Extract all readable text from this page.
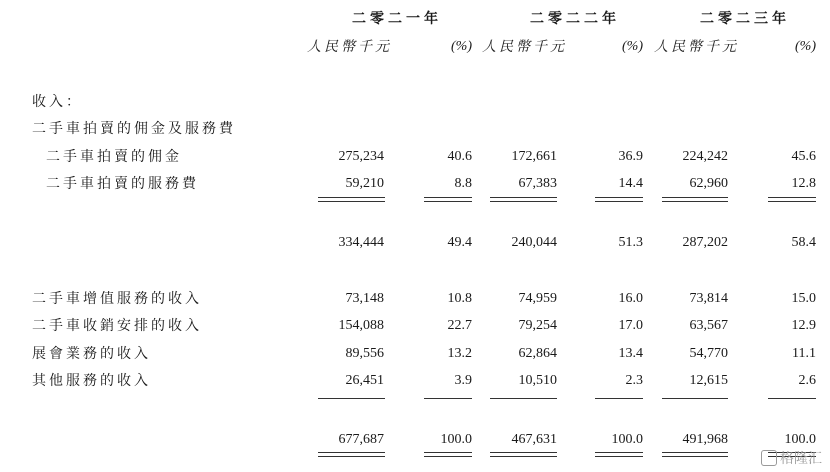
二零二一年	二零二二年	二零二三年
人民幣千元	(%) 人民幣千元	(%) 人民幣千元	(%)
收入：
二手車拍賣的佣金及服務費
二手車拍賣的佣金	275,234	40.6	172,661	36.9	224,242	45.6
二手車拍賣的服務費	59,210	8.8	67,383	14.4	62,960	12.8
334,444	49.4	240,044	51.3	287,202	58.4
二手車增值服務的收入	73,148	10.8	74,959	16.0	73,814	15.0
二手車收銷安排的收入	154,088	22.7	79,254	17.0	63,567	12.9
展會業務的收入	89,556	13.2	62,864	13.4	54,770	11.1
其他服務的收入	26,451	3.9	10,510	2.3	12,615	2.6
677,687	100.0	467,631	100.0	491,968	100.0
格隆汇
